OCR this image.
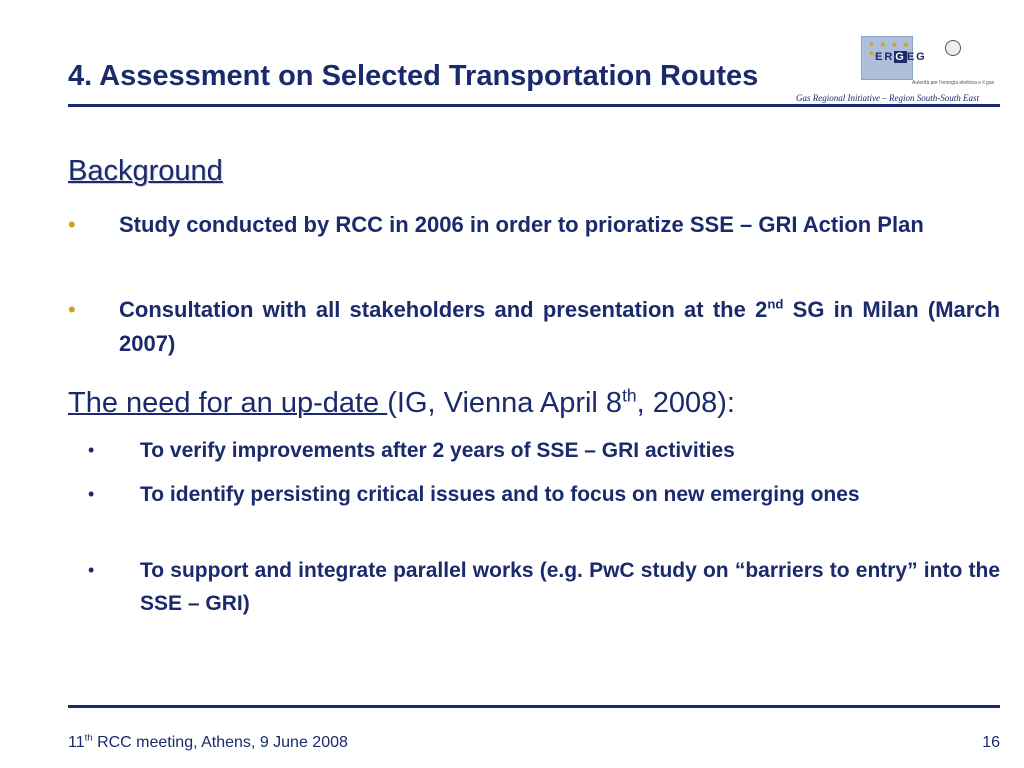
4. Assessment on Selected Transportation Routes
★ ★ ★ ★ ★
ERGEG
Autorità per l'energia elettrica e il gas
Gas Regional Initiative – Region South-South East
Background
• Study conducted by RCC in 2006 in order to prioratize SSE – GRI Action Plan
• Consultation with all stakeholders and presentation at the 2nd SG in Milan (March 2007)
The need for an up-date (IG, Vienna April 8th, 2008):
• To verify improvements after 2 years of SSE – GRI activities
• To identify persisting critical issues and to focus on new emerging ones
• To support and integrate parallel works (e.g. PwC study on “barriers to entry” into the SSE – GRI)
11th RCC meeting, Athens, 9 June 2008	16
